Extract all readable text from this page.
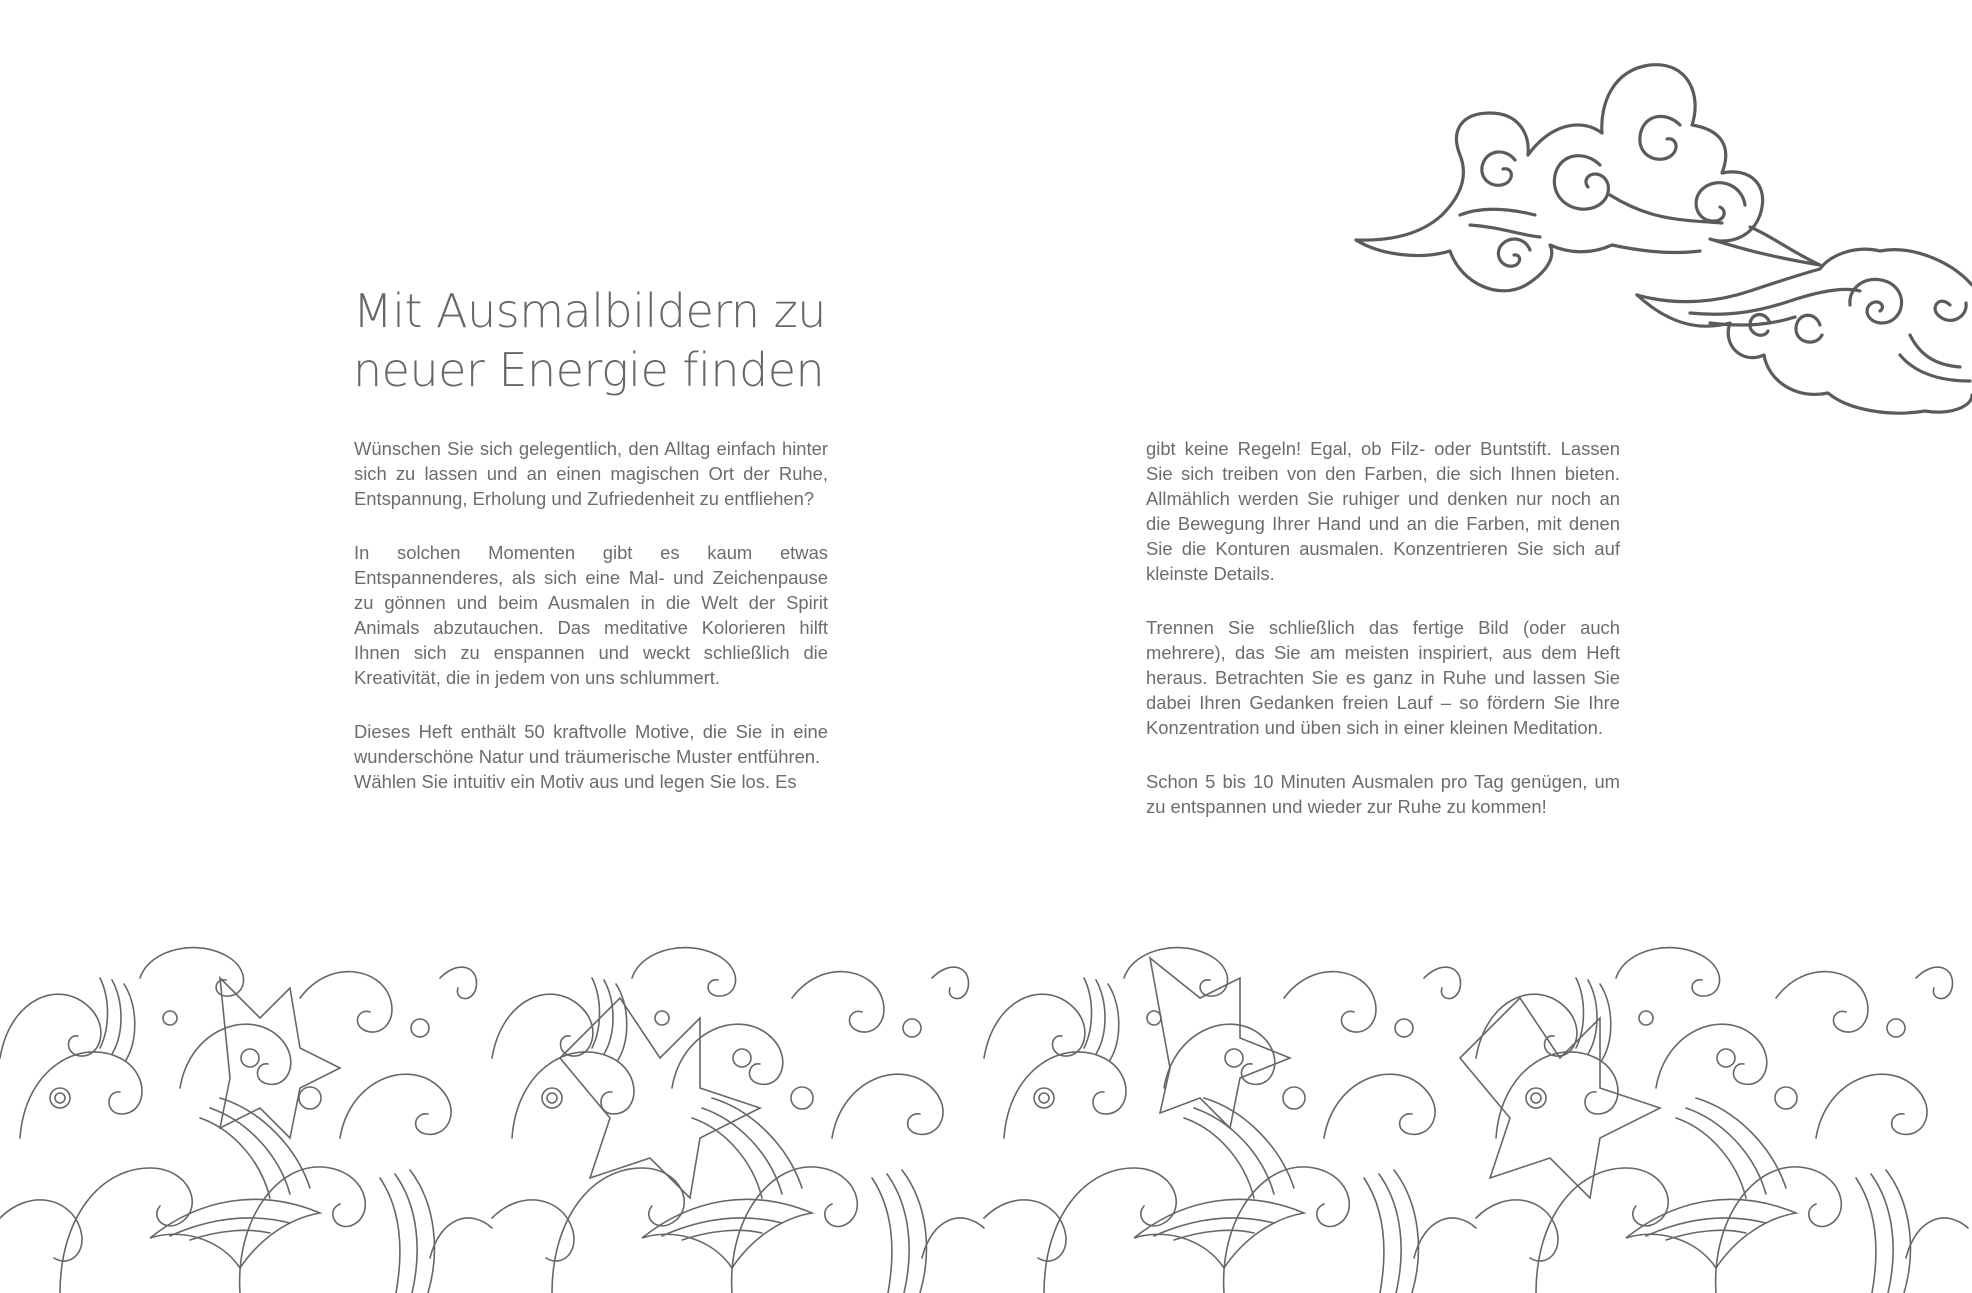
Mit Ausmalbildern zu
neuer Energie finden

Wünschen Sie sich gelegentlich, den Alltag einfach hinter sich zu lassen und an einen magischen Ort der Ruhe, Entspannung, Erholung und Zufriedenheit zu entfliehen?

In solchen Momenten gibt es kaum etwas Entspannenderes, als sich eine Mal- und Zeichenpause zu gönnen und beim Ausmalen in die Welt der Spirit Animals abzutauchen. Das meditative Kolorieren hilft Ihnen sich zu enspannen und weckt schließlich die Kreativität, die in jedem von uns schlummert.

Dieses Heft enthält 50 kraftvolle Motive, die Sie in eine wunderschöne Natur und träumerische Muster entführen.

Wählen Sie intuitiv ein Motiv aus und legen Sie los. Es

gibt keine Regeln! Egal, ob Filz- oder Buntstift. Lassen Sie sich treiben von den Farben, die sich Ihnen bieten. Allmählich werden Sie ruhiger und denken nur noch an die Bewegung Ihrer Hand und an die Farben, mit denen Sie die Konturen ausmalen. Konzentrieren Sie sich auf kleinste Details.

Trennen Sie schließlich das fertige Bild (oder auch mehrere), das Sie am meisten inspiriert, aus dem Heft heraus. Betrachten Sie es ganz in Ruhe und lassen Sie dabei Ihren Gedanken freien Lauf – so fördern Sie Ihre Konzentration und üben sich in einer kleinen Meditation.

Schon 5 bis 10 Minuten Ausmalen pro Tag genügen, um zu entspannen und wieder zur Ruhe zu kommen!
